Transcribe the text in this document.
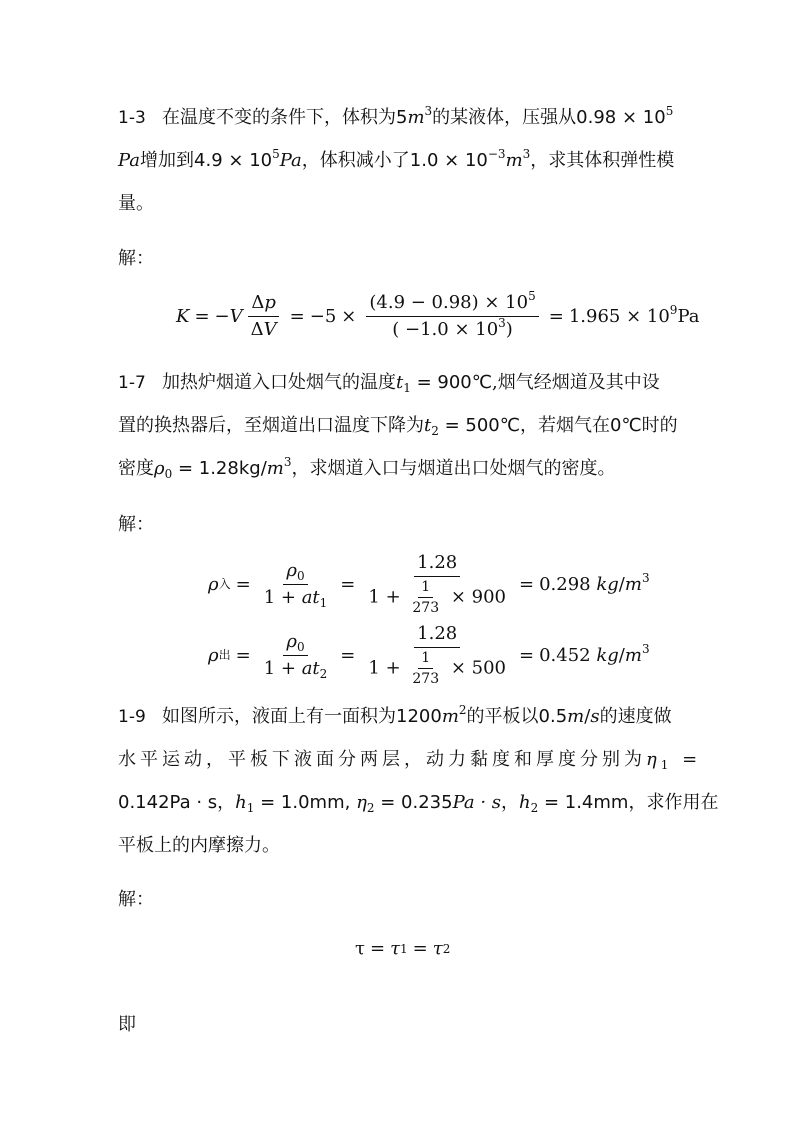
1-3 在温度不变的条件下，体积为$5m^3$的某液体，压强从$0.98 \times 10^5$
Pa增加到$4.9 \times 10^5Pa$，体积减小了$1.0 \times 10^{-3}m^3$，求其体积弹性模
量。
解：
K = − V $\frac{\Delta p}{\Delta V} = -5 \times \frac{(4.9 - 0.98) \times 10^5}{( -1.0 \times 10^3)} = 1.965 \times 10^9Pa$
1-7 加热炉烟道入口处烟气的温度$t_1$ = 900℃,烟气经烟道及其中设
置的换热器后，至烟道出口温度下降为$t_2$ = 500℃，若烟气在0℃时的
密度$\rho_0 = 1.28kg/m^3$，求烟道入口与烟道出口处烟气的密度。
解：
ρ 入 = $\frac{\rho_0}{1 + at_1} = \frac{1.28}{1 + \frac{1}{273} \times 900} = 0.298$ $kg/m^3$
ρ 出 = $\frac{\rho_0}{1 + at_2} = \frac{1.28}{1 + \frac{1}{273} \times 500} = 0.452$ $kg/m^3$
1-9 如图所示，液面上有一面积为$1200m^2$的平板以0.5m/s的速度做
水平运动，平板下液面分两层，动力黏度和厚度分别为$\eta_1$ =
0.142Pa · s，$h_1 = 1.0mm$, $\eta_2 = 0.235Pa \cdot s$，$h_2 = 1.4mm$，求作用在
平板上的内摩擦力。
解：
τ = τ 1 = τ 2
即
